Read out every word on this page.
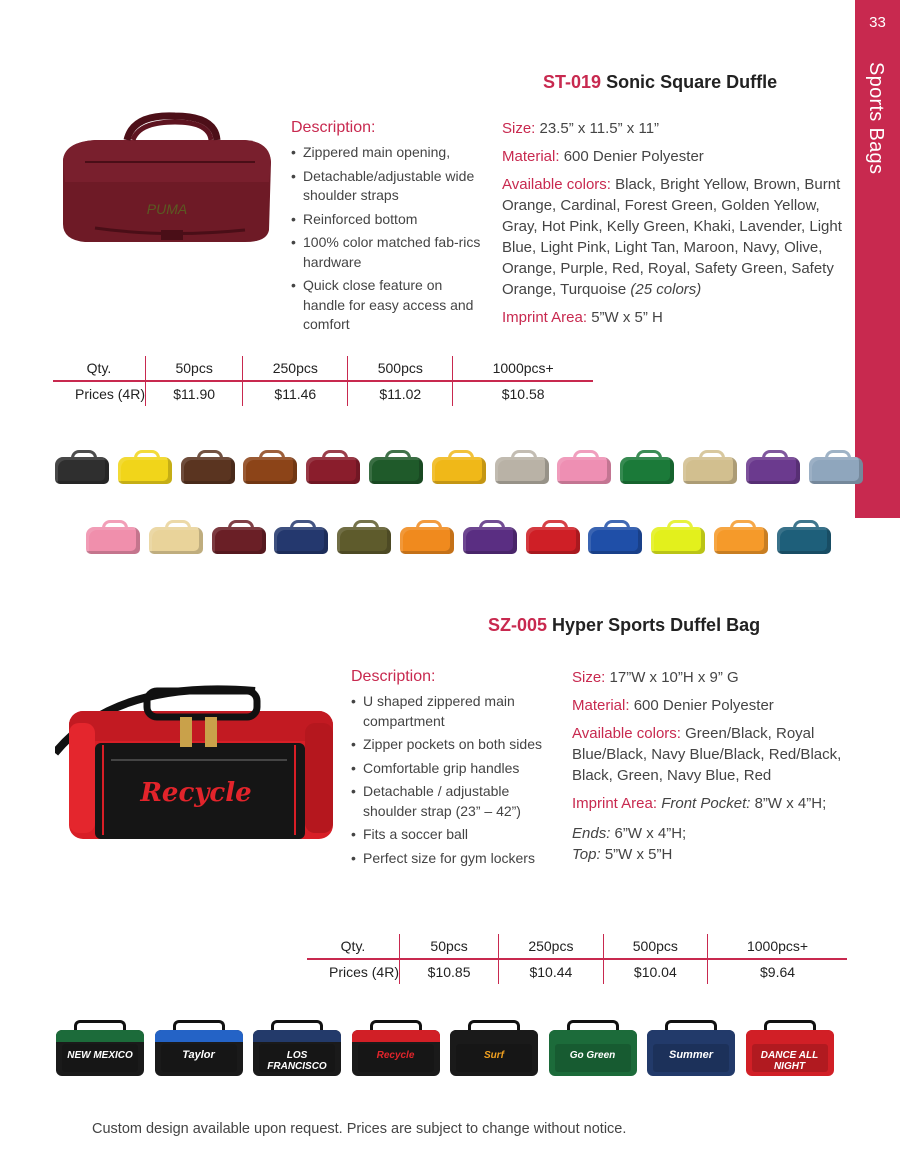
33
Sports Bags
ST-019 Sonic Square Duffle
PUMA
Description:
• Zippered main opening,
• Detachable/adjustable wide shoulder straps
• Reinforced bottom
• 100% color matched fab-rics hardware
• Quick close feature on handle for easy access and comfort

Size: 23.5” x 11.5” x 11”

Material: 600 Denier Polyester

Available colors: Black, Bright Yellow, Brown, Burnt Orange, Cardinal, Forest Green, Golden Yellow, Gray, Hot Pink, Kelly Green, Khaki, Lavender, Light Blue, Light Pink, Light Tan, Maroon, Navy, Olive, Orange, Purple, Red, Royal, Safety Green, Safety Orange, Turquoise (25 colors)

Imprint Area: 5”W x 5” H

Qty.	50pcs	250pcs	500pcs	1000pcs+
Prices (4R)	$11.90	$11.46	$11.02	$10.58
SZ-005 Hyper Sports Duffel Bag
Recycle
Description:
• U shaped zippered main compartment
• Zipper pockets on both sides
• Comfortable grip handles
• Detachable / adjustable shoulder strap (23” – 42”)
• Fits a soccer ball
• Perfect size for gym lockers

Size: 17”W x 10”H x 9” G

Material: 600 Denier Polyester

Available colors: Green/Black, Royal Blue/Black, Navy Blue/Black, Red/Black, Black, Green, Navy Blue, Red

Imprint Area: Front Pocket: 8”W x 4”H;

Ends: 6”W x 4”H;

Top: 5”W x 5”H

Qty.	50pcs	250pcs	500pcs	1000pcs+
Prices (4R)	$10.85	$10.44	$10.04	$9.64
NEW MEXICO	Taylor	LOS FRANCISCO
Recycle	Surf	Go Green	Summer	DANCE ALL NIGHT
Custom design available upon request. Prices are subject to change without notice.
